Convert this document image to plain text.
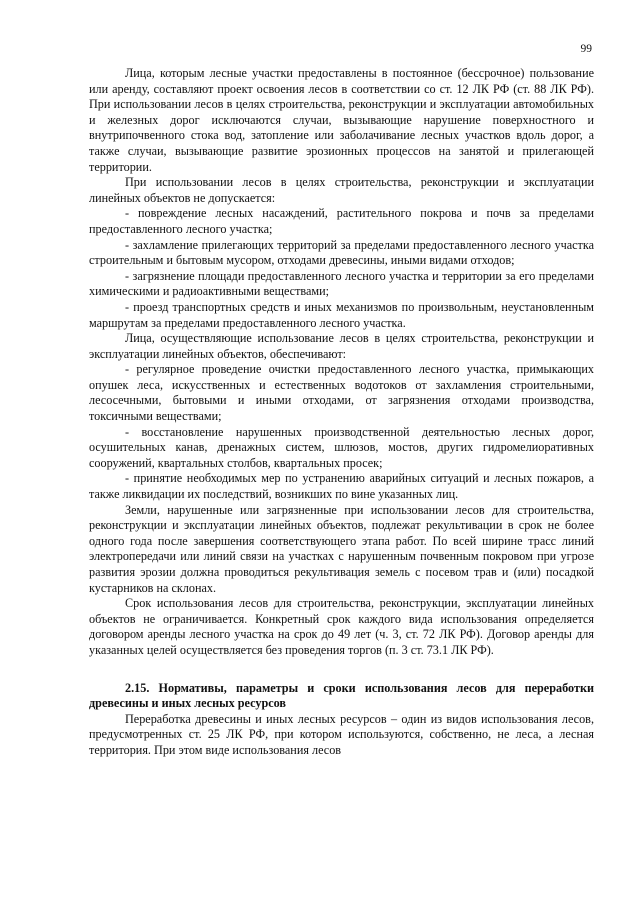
99

Лица, которым лесные участки предоставлены в постоянное (бессрочное) пользование или аренду, составляют проект освоения лесов в соответствии со ст. 12 ЛК РФ (ст. 88 ЛК РФ). При использовании лесов в целях строительства, реконструкции и эксплуатации автомобильных и железных дорог исключаются случаи, вызывающие нарушение поверхностного и внутрипочвенного стока вод, затопление или заболачивание лесных участков вдоль дорог, а также случаи, вызывающие развитие эрозионных процессов на занятой и прилегающей территории.

При использовании лесов в целях строительства, реконструкции и эксплуатации линейных объектов не допускается:

- повреждение лесных насаждений, растительного покрова и почв за пределами предоставленного лесного участка;

- захламление прилегающих территорий за пределами предоставленного лесного участка строительным и бытовым мусором, отходами древесины, иными видами отходов;

- загрязнение площади предоставленного лесного участка и территории за его пределами химическими и радиоактивными веществами;

- проезд транспортных средств и иных механизмов по произвольным, неустановленным маршрутам за пределами предоставленного лесного участка.

Лица, осуществляющие использование лесов в целях строительства, реконструкции и эксплуатации линейных объектов, обеспечивают:

- регулярное проведение очистки предоставленного лесного участка, примыкающих опушек леса, искусственных и естественных водотоков от захламления строительными, лесосечными, бытовыми и иными отходами, от загрязнения отходами производства, токсичными веществами;

- восстановление нарушенных производственной деятельностью лесных дорог, осушительных канав, дренажных систем, шлюзов, мостов, других гидромелиоративных сооружений, квартальных столбов, квартальных просек;

- принятие необходимых мер по устранению аварийных ситуаций и лесных пожаров, а также ликвидации их последствий, возникших по вине указанных лиц.

Земли, нарушенные или загрязненные при использовании лесов для строительства, реконструкции и эксплуатации линейных объектов, подлежат рекультивации в срок не более одного года после завершения соответствующего этапа работ. По всей ширине трасс линий электропередачи или линий связи на участках с нарушенным почвенным покровом при угрозе развития эрозии должна проводиться рекультивация земель с посевом трав и (или) посадкой кустарников на склонах.

Срок использования лесов для строительства, реконструкции, эксплуатации линейных объектов не ограничивается. Конкретный срок каждого вида использования определяется договором аренды лесного участка на срок до 49 лет (ч. 3, ст. 72 ЛК РФ). Договор аренды для указанных целей осуществляется без проведения торгов (п. 3 ст. 73.1 ЛК РФ).

2.15. Нормативы, параметры и сроки использования лесов для переработки древесины и иных лесных ресурсов

Переработка древесины и иных лесных ресурсов – один из видов использования лесов, предусмотренных ст. 25 ЛК РФ, при котором используются, собственно, не леса, а лесная территория. При этом виде использования лесов
